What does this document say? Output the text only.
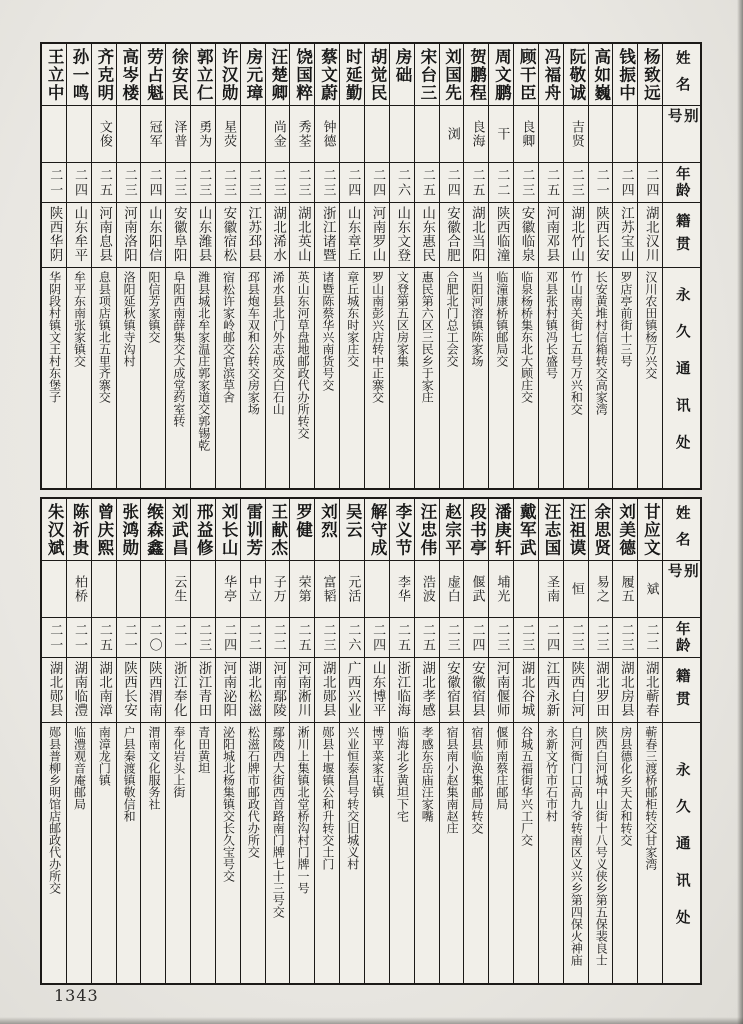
王立中
二一
陕西华阴
华阴段村镇文王村东堡子
孙一鸣
二四
山东牟平
牟平东南张家镇交
齐克明
文俊
二五
河南息县
息县项店镇北五里齐寨交
高岑楼
二三
河南洛阳
洛阳延秋镇寺沟村
劳占魁
冠军
二四
山东阳信
阳信芳家镇交
徐安民
泽普
二三
安徽阜阳
阜阳西南薛集交大成堂药室转
郭立仁
勇为
二三
山东潍县
潍县城北牟家温庄郭家道交郭锡乾
许汉勋
星荧
二三
安徽宿松
宿松许家岭邮交官滨草舍
房元璋
二三
江苏邳县
邳县炮车双和公转交房家场
汪楚卿
尚金
二三
湖北浠水
浠水县北门外志成交白石山
饶国粹
秀荃
二三
湖北英山
英山东河草盘地邮政代办所转交
蔡文蔚
钟德
二三
浙江诸暨
诸暨陈蔡华兴南货号交
时延勤
二四
山东章丘
章丘城东时家庄交
胡觉民
二四
河南罗山
罗山南彭兴店转中正寨交
房础
二六
山东文登
文登第五区房家集
宋台三
二五
山东惠民
惠民第六区三民乡于家庄
刘国先
浏
二四
安徽合肥
合肥北门总工会交
贺鹏程
良海
二五
湖北当阳
当阳河溶镇陈家场
周文鹏
干
二二
陕西临潼
临潼康桥镇邮局交
顾干臣
良卿
二三
安徽临泉
临泉杨桥集东北大顾庄交
冯福舟
二五
河南邓县
邓县张村镇冯长盛号
阮敬诚
吉贤
二三
湖北竹山
竹山南关街七五号万兴和交
高如巍
二一
陕西长安
长安黄堆村信箱转交高家湾
钱振中
二四
江苏宝山
罗店亭前街十三号
杨致远
二四
湖北汉川
汉川农田镇杨万兴交
姓名
别号
年龄
籍贯
永久通讯处
朱汉斌
二一
湖北郧县
郧县普柳乡明馆店邮政代办所交
陈祈贵
柏桥
二一
湖南临澧
临澧观音庵邮局
曾庆熙
二五
湖北南漳
南漳龙门镇
张鸿勋
二一
陕西长安
户县秦渡镇敬信和
缑森鑫
二〇
陕西渭南
渭南文化服务社
刘武昌
云生
二一
浙江奉化
奉化岩头上街
邢益修
二三
浙江青田
青田黄坦
刘长山
华亭
二四
河南泌阳
泌阳城北杨集镇交长久宝号交
雷训芳
中立
二二
湖北松滋
松滋石牌市邮政代办所交
王献杰
子万
二二
河南鄢陵
鄢陵西大街西首路南门牌七十三号交
罗健
荣第
二五
河南淅川
淅川上集镇北堂桥沟村门牌一号
刘烈
富韬
二三
湖北郧县
郧县十堰镇公和升转交土门
吴云
元活
二六
广西兴业
兴业恒泰昌号转交旧城义村
解守成
二四
山东博平
博平菜家屯镇
李义节
李华
二五
浙江临海
临海北乡黄坦下宅
汪忠伟
浩波
二五
湖北孝感
孝感东岳庙汪家嘴
赵宗平
虚白
二三
安徽宿县
宿县南小赵集南赵庄
段书亭
偃武
二四
安徽宿县
宿县临涣集邮局转交
潘庚轩
埔光
二三
河南偃师
偃师南蔡庄邮局
戴军武
二三
湖北谷城
谷城五福街华兴工厂交
汪志国
圣南
二四
江西永新
永新文竹市石市村
汪祖谟
恒
二三
陕西白河
白河衙门口高九爷转南区义兴乡第四保火神庙
余思贤
易之
二三
湖北罗田
陕西白河城中山街十八号义侠乡第五保裴良士
刘美德
履五
二三
湖北房县
房县德化乡天太和转交
甘应文
斌
二二
湖北蕲春
蕲春三渡桥邮柜转交甘家湾
姓名
别号
年龄
籍贯
永久通讯处
1343
